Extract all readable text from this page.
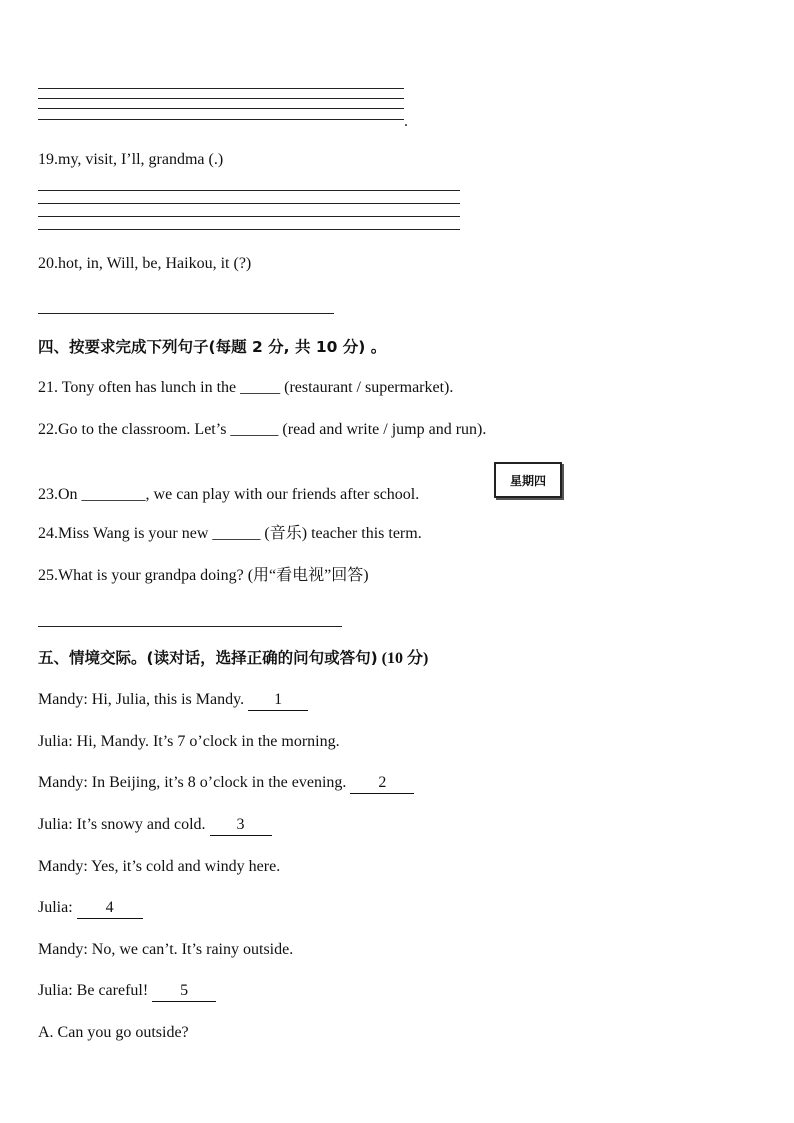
.
19.my, visit, I’ll, grandma (.)
20.hot, in, Will, be, Haikou, it (?)
四、按要求完成下列句子(每题 2 分, 共 10 分) 。
21. Tony often has lunch in the _____ (restaurant / supermarket).
22.Go to the classroom. Let’s ______ (read and write / jump and run).
23.On ________, we can play with our friends after school.
星期四
24.Miss Wang is your new ______ (音乐) teacher this term.
25.What is your grandpa doing? (用“看电视”回答)
五、情境交际。(读对话，选择正确的问句或答句) (10 分)
Mandy: Hi, Julia, this is Mandy. 1
Julia: Hi, Mandy. It’s 7 o’clock in the morning.
Mandy: In Beijing, it’s 8 o’clock in the evening. 2
Julia: It’s snowy and cold. 3
Mandy: Yes, it’s cold and windy here.
Julia: 4
Mandy: No, we can’t. It’s rainy outside.
Julia: Be careful! 5
A. Can you go outside?
